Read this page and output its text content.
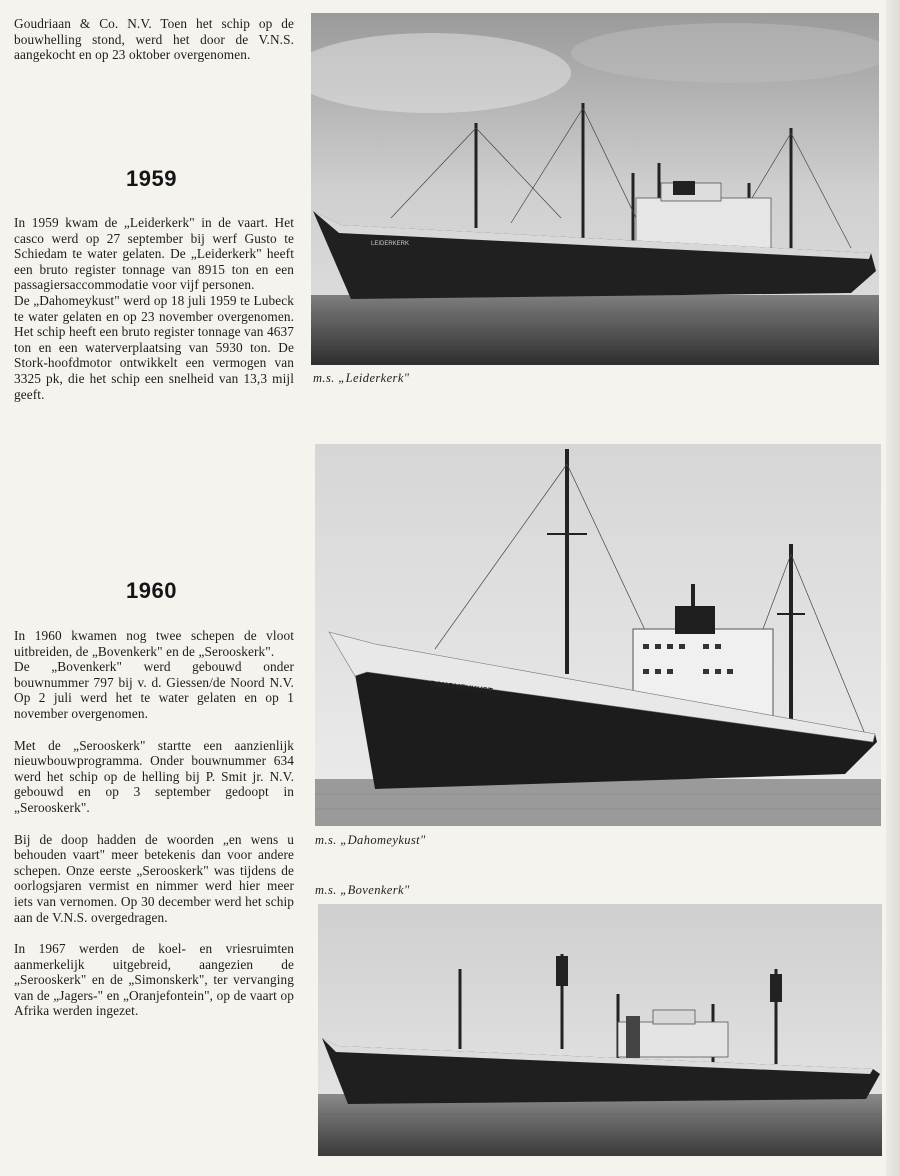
Goudriaan & Co. N.V. Toen het schip op de bouwhelling stond, werd het door de V.N.S. aangekocht en op 23 oktober overgenomen.

1959

In 1959 kwam de „Leiderkerk" in de vaart. Het casco werd op 27 september bij werf Gusto te Schiedam te water gelaten. De „Leiderkerk" heeft een bruto register tonnage van 8915 ton en een passagiersaccommodatie voor vijf personen.

De „Dahomeykust" werd op 18 juli 1959 te Lubeck te water gelaten en op 23 november overgenomen. Het schip heeft een bruto register tonnage van 4637 ton en een waterverplaatsing van 5930 ton. De Stork-hoofdmotor ontwikkelt een vermogen van 3325 pk, die het schip een snelheid van 13,3 mijl geeft.

1960

In 1960 kwamen nog twee schepen de vloot uitbreiden, de „Bovenkerk" en de „Serooskerk".
De „Bovenkerk" werd gebouwd onder bouwnummer 797 bij v. d. Giessen/de Noord N.V. Op 2 juli werd het te water gelaten en op 1 november overgenomen.

Met de „Serooskerk" startte een aanzienlijk nieuwbouwprogramma. Onder bouwnummer 634 werd het schip op de helling bij P. Smit jr. N.V. gebouwd en op 3 september gedoopt in „Serooskerk".

Bij de doop hadden de woorden „en wens u behouden vaart" meer betekenis dan voor andere schepen. Onze eerste „Serooskerk" was tijdens de oorlogsjaren vermist en nimmer werd hier meer iets van vernomen. Op 30 december werd het schip aan de V.N.S. overgedragen.

In 1967 werden de koel- en vriesruimten aanmerkelijk uitgebreid, aangezien de „Serooskerk" en de „Simonskerk", ter vervanging van de „Jagers-" en „Oranjefontein", op de vaart op Afrika werden ingezet.

LEIDERKERK
m.s. „Leiderkerk"
DAHOMEYKUST
m.s. „Dahomeykust"
m.s. „Bovenkerk"
